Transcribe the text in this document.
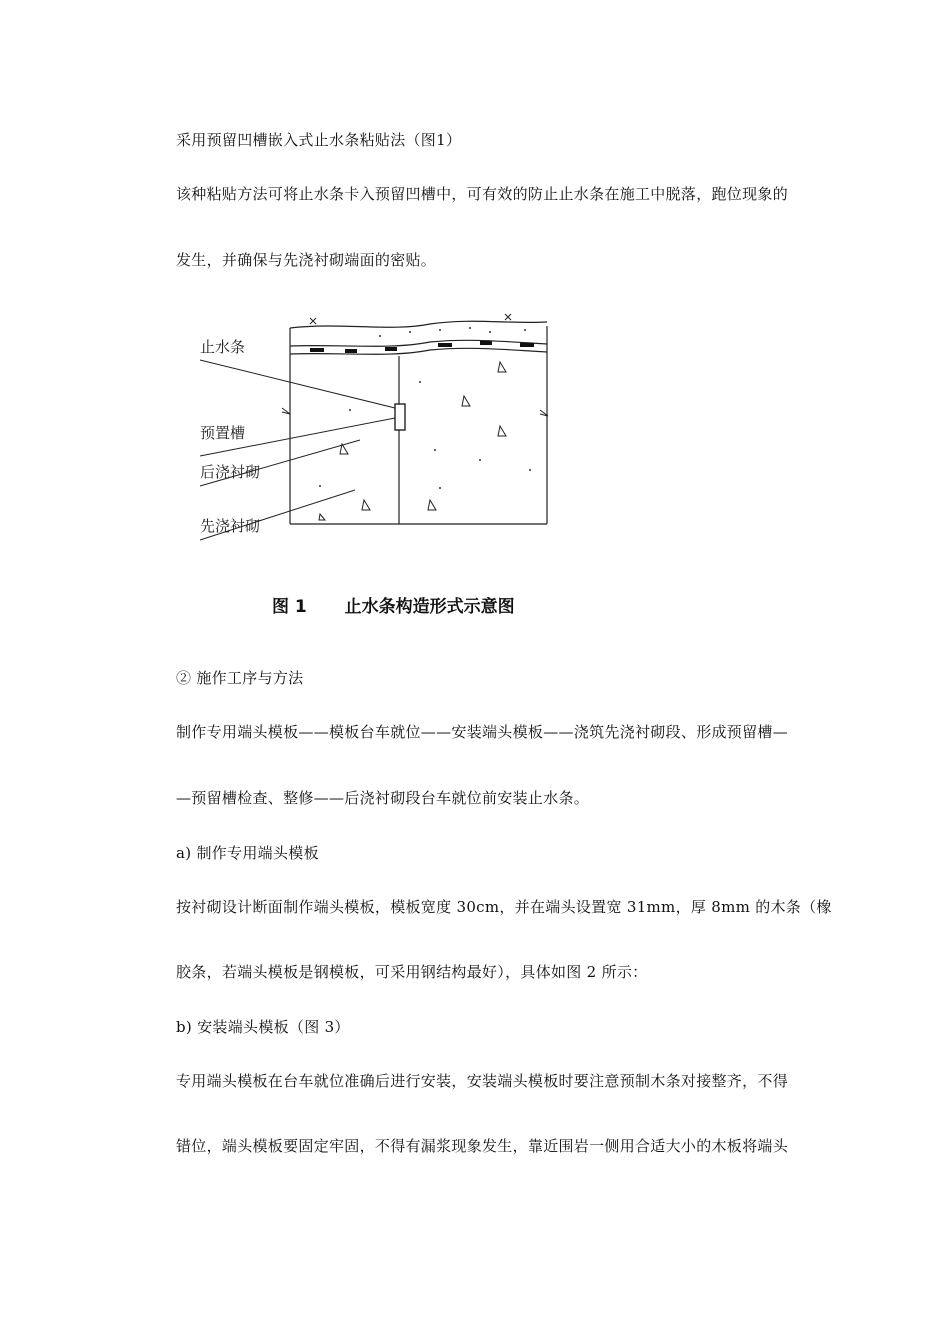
采用预留凹槽嵌入式止水条粘贴法（图1）
该种粘贴方法可将止水条卡入预留凹槽中，可有效的防止止水条在施工中脱落，跑位现象的
发生，并确保与先浇衬砌端面的密贴。
止水条
预置槽
后浇衬砌
先浇衬砌
图 1 止水条构造形式示意图
② 施作工序与方法
制作专用端头模板——模板台车就位——安装端头模板——浇筑先浇衬砌段、形成预留槽—
—预留槽检查、整修——后浇衬砌段台车就位前安装止水条。
a) 制作专用端头模板
按衬砌设计断面制作端头模板，模板宽度 30cm，并在端头设置宽 31mm，厚 8mm 的木条（橡
胶条，若端头模板是钢模板，可采用钢结构最好），具体如图 2 所示：
b) 安装端头模板（图 3）
专用端头模板在台车就位准确后进行安装，安装端头模板时要注意预制木条对接整齐，不得
错位，端头模板要固定牢固，不得有漏浆现象发生，靠近围岩一侧用合适大小的木板将端头
